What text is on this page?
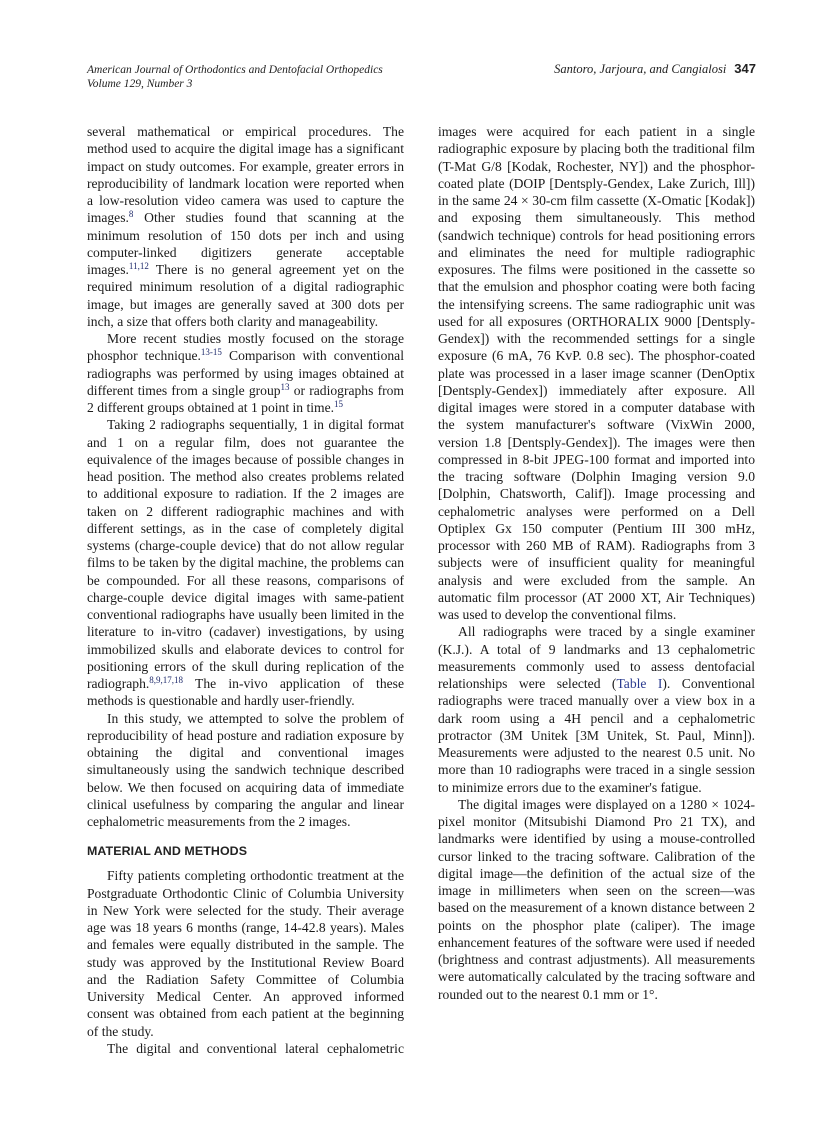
American Journal of Orthodontics and Dentofacial Orthopedics
Volume 129, Number 3
Santoro, Jarjoura, and Cangialosi 347

several mathematical or empirical procedures. The method used to acquire the digital image has a significant impact on study outcomes. For example, greater errors in reproducibility of landmark location were reported when a low-resolution video camera was used to capture the images.$^8$ Other studies found that scanning at the minimum resolution of 150 dots per inch and using computer-linked digitizers generate acceptable images.$^{11,12}$ There is no general agreement yet on the required minimum resolution of a digital radiographic image, but images are generally saved at 300 dots per inch, a size that offers both clarity and manageability.

More recent studies mostly focused on the storage phosphor technique.$^{13-15}$ Comparison with conventional radiographs was performed by using images obtained at different times from a single group$^{13}$ or radiographs from 2 different groups obtained at 1 point in time.$^{15}$

Taking 2 radiographs sequentially, 1 in digital format and 1 on a regular film, does not guarantee the equivalence of the images because of possible changes in head position. The method also creates problems related to additional exposure to radiation. If the 2 images are taken on 2 different radiographic machines and with different settings, as in the case of completely digital systems (charge-couple device) that do not allow regular films to be taken by the digital machine, the problems can be compounded. For all these reasons, comparisons of charge-couple device digital images with same-patient conventional radiographs have usually been limited in the literature to in-vitro (cadaver) investigations, by using immobilized skulls and elaborate devices to control for positioning errors of the skull during replication of the radiograph.$^{8,9,17,18}$ The in-vivo application of these methods is questionable and hardly user-friendly.

In this study, we attempted to solve the problem of reproducibility of head posture and radiation exposure by obtaining the digital and conventional images simultaneously using the sandwich technique described below. We then focused on acquiring data of immediate clinical usefulness by comparing the angular and linear cephalometric measurements from the 2 images.

MATERIAL AND METHODS

Fifty patients completing orthodontic treatment at the Postgraduate Orthodontic Clinic of Columbia University in New York were selected for the study. Their average age was 18 years 6 months (range, 14-42.8 years). Males and females were equally distributed in the sample. The study was approved by the Institutional Review Board and the Radiation Safety Committee of Columbia University Medical Center. An approved informed consent was obtained from each patient at the beginning of the study.

The digital and conventional lateral cephalometric

images were acquired for each patient in a single radiographic exposure by placing both the traditional film (T-Mat G/8 [Kodak, Rochester, NY]) and the phosphor-coated plate (DOIP [Dentsply-Gendex, Lake Zurich, Ill]) in the same 24 × 30-cm film cassette (X-Omatic [Kodak]) and exposing them simultaneously. This method (sandwich technique) controls for head positioning errors and eliminates the need for multiple radiographic exposures. The films were positioned in the cassette so that the emulsion and phosphor coating were both facing the intensifying screens. The same radiographic unit was used for all exposures (ORTHORALIX 9000 [Dentsply-Gendex]) with the recommended settings for a single exposure (6 mA, 76 KvP. 0.8 sec). The phosphor-coated plate was processed in a laser image scanner (DenOptix [Dentsply-Gendex]) immediately after exposure. All digital images were stored in a computer database with the system manufacturer's software (VixWin 2000, version 1.8 [Dentsply-Gendex]). The images were then compressed in 8-bit JPEG-100 format and imported into the tracing software (Dolphin Imaging version 9.0 [Dolphin, Chatsworth, Calif]). Image processing and cephalometric analyses were performed on a Dell Optiplex Gx 150 computer (Pentium III 300 mHz, processor with 260 MB of RAM). Radiographs from 3 subjects were of insufficient quality for meaningful analysis and were excluded from the sample. An automatic film processor (AT 2000 XT, Air Techniques) was used to develop the conventional films.

All radiographs were traced by a single examiner (K.J.). A total of 9 landmarks and 13 cephalometric measurements commonly used to assess dentofacial relationships were selected (Table I). Conventional radiographs were traced manually over a view box in a dark room using a 4H pencil and a cephalometric protractor (3M Unitek [3M Unitek, St. Paul, Minn]). Measurements were adjusted to the nearest 0.5 unit. No more than 10 radiographs were traced in a single session to minimize errors due to the examiner's fatigue.

The digital images were displayed on a 1280 × 1024-pixel monitor (Mitsubishi Diamond Pro 21 TX), and landmarks were identified by using a mouse-controlled cursor linked to the tracing software. Calibration of the digital image—the definition of the actual size of the image in millimeters when seen on the screen—was based on the measurement of a known distance between 2 points on the phosphor plate (caliper). The image enhancement features of the software were used if needed (brightness and contrast adjustments). All measurements were automatically calculated by the tracing software and rounded out to the nearest 0.1 mm or 1°.
